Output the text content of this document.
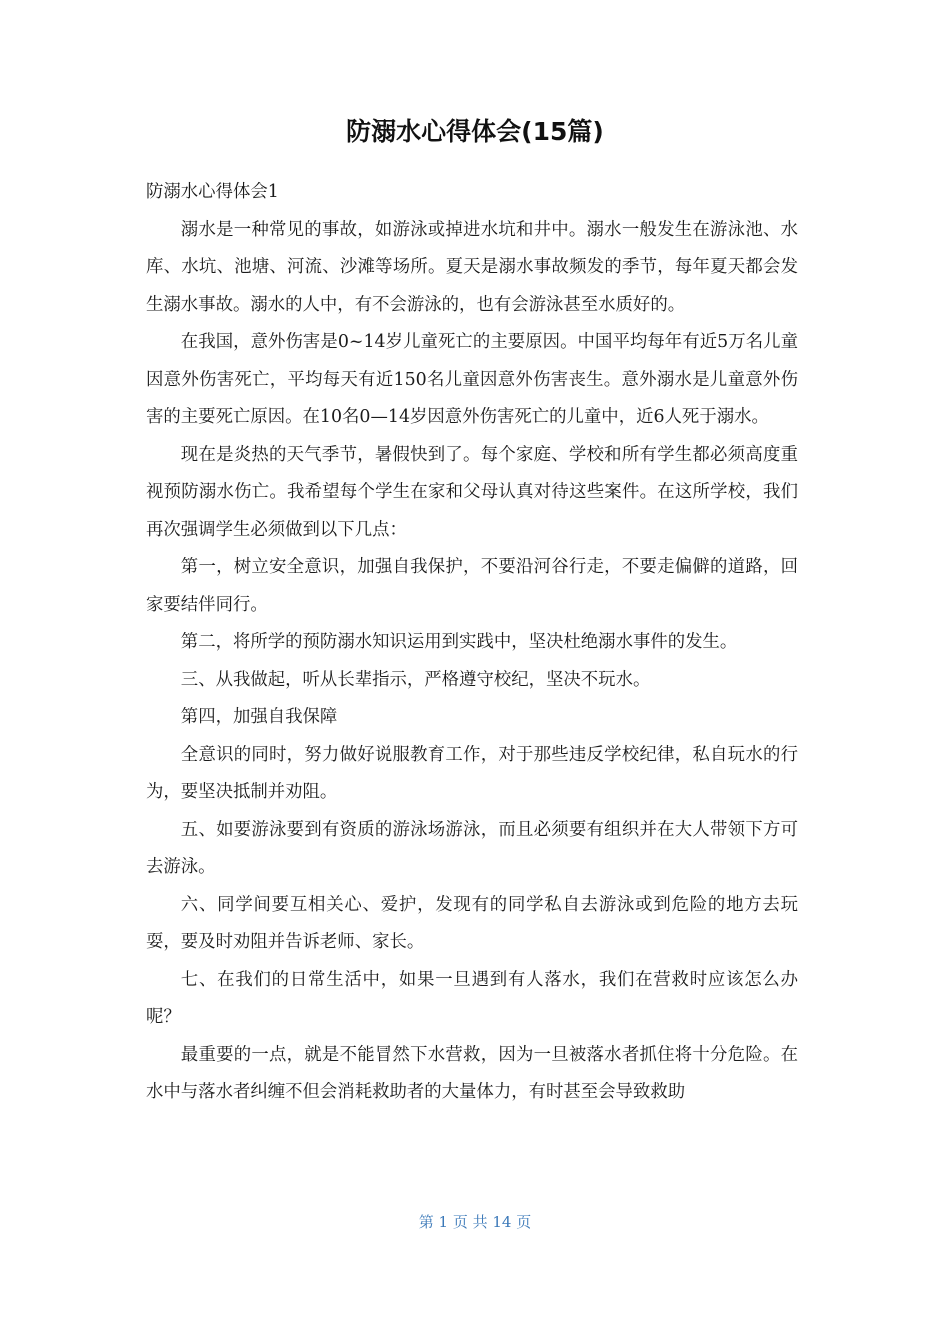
防溺水心得体会(15篇)

防溺水心得体会1

溺水是一种常见的事故，如游泳或掉进水坑和井中。溺水一般发生在游泳池、水库、水坑、池塘、河流、沙滩等场所。夏天是溺水事故频发的季节，每年夏天都会发生溺水事故。溺水的人中，有不会游泳的，也有会游泳甚至水质好的。

在我国，意外伤害是0~14岁儿童死亡的主要原因。中国平均每年有近5万名儿童因意外伤害死亡，平均每天有近150名儿童因意外伤害丧生。意外溺水是儿童意外伤害的主要死亡原因。在10名0—14岁因意外伤害死亡的儿童中，近6人死于溺水。

现在是炎热的天气季节，暑假快到了。每个家庭、学校和所有学生都必须高度重视预防溺水伤亡。我希望每个学生在家和父母认真对待这些案件。在这所学校，我们再次强调学生必须做到以下几点：

第一，树立安全意识，加强自我保护，不要沿河谷行走，不要走偏僻的道路，回家要结伴同行。

第二，将所学的预防溺水知识运用到实践中，坚决杜绝溺水事件的发生。

三、从我做起，听从长辈指示，严格遵守校纪，坚决不玩水。

第四，加强自我保障

全意识的同时，努力做好说服教育工作，对于那些违反学校纪律，私自玩水的行为，要坚决抵制并劝阻。

五、如要游泳要到有资质的游泳场游泳，而且必须要有组织并在大人带领下方可去游泳。

六、同学间要互相关心、爱护，发现有的同学私自去游泳或到危险的地方去玩耍，要及时劝阻并告诉老师、家长。

七、在我们的日常生活中，如果一旦遇到有人落水，我们在营救时应该怎么办呢？

最重要的一点，就是不能冒然下水营救，因为一旦被落水者抓住将十分危险。在水中与落水者纠缠不但会消耗救助者的大量体力，有时甚至会导致救助

第 1 页 共 14 页
